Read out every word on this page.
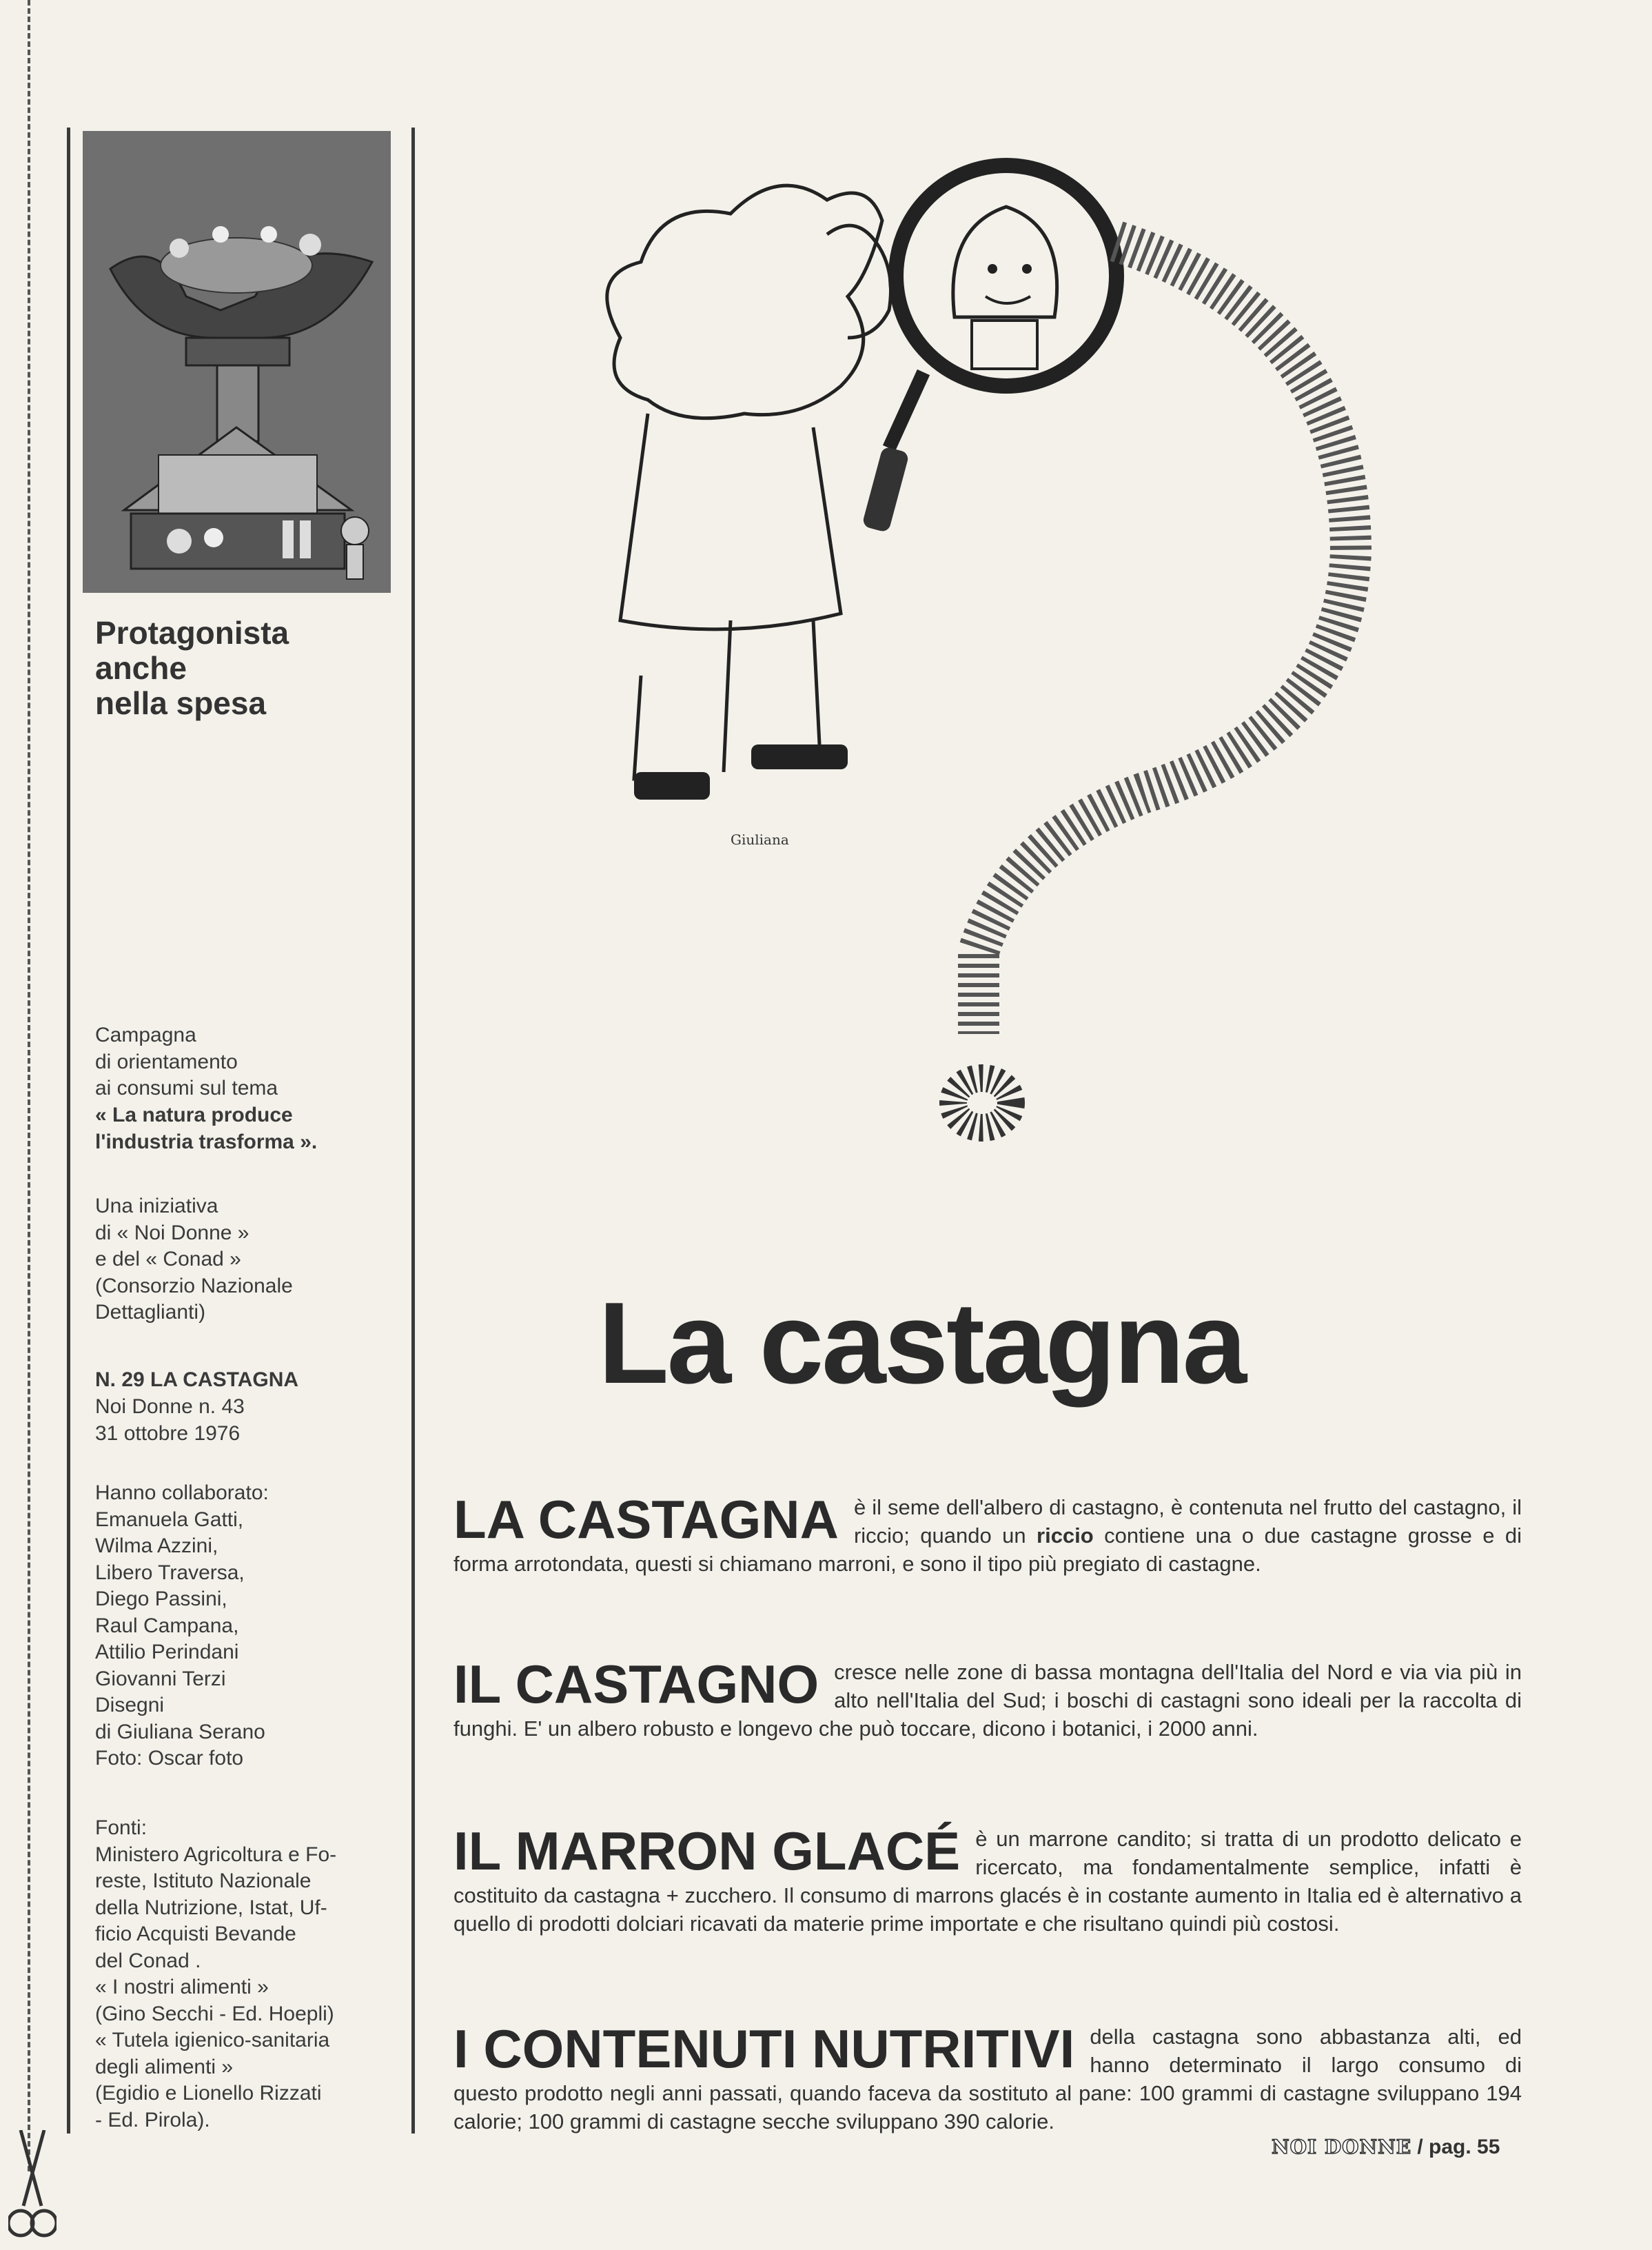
Protagonista
anche
nella spesa
Campagna
di orientamento
ai consumi sul tema
« La natura produce
l'industria trasforma ».
Una iniziativa
di « Noi Donne »
e del « Conad »
(Consorzio Nazionale
Dettaglianti)
N. 29 LA CASTAGNA
Noi Donne n. 43
31 ottobre 1976
Hanno collaborato:
Emanuela Gatti,
Wilma Azzini,
Libero Traversa,
Diego Passini,
Raul Campana,
Attilio Perindani
Giovanni Terzi
Disegni
di Giuliana Serano
Foto: Oscar foto
Fonti:
Ministero Agricoltura e Fo-
reste, Istituto Nazionale
della Nutrizione, Istat, Uf-
ficio Acquisti Bevande
del Conad .
« I nostri alimenti »
(Gino Secchi - Ed. Hoepli)
« Tutela igienico-sanitaria
degli alimenti »
(Egidio e Lionello Rizzati
- Ed. Pirola).
Giuliana
La castagna
LA CASTAGNA è il seme dell'albero di castagno, è contenuta nel frutto del castagno, il riccio; quando un riccio contiene una o due castagne grosse e di forma arrotondata, questi si chiamano marroni, e sono il tipo più pregiato di castagne.
IL CASTAGNO cresce nelle zone di bassa montagna dell'Italia del Nord e via via più in alto nell'Italia del Sud; i boschi di castagni sono ideali per la raccolta di funghi. E' un albero robusto e longevo che può toccare, dicono i botanici, i 2000 anni.
IL MARRON GLACÉ è un marrone candito; si tratta di un prodotto delicato e ricercato, ma fondamentalmente semplice, infatti è costituito da castagna + zucchero. Il consumo di marrons glacés è in costante aumento in Italia ed è alternativo a quello di prodotti dolciari ricavati da materie prime importate e che risultano quindi più costosi.
I CONTENUTI NUTRITIVI della castagna sono abbastanza alti, ed hanno determinato il largo consumo di questo prodotto negli anni passati, quando faceva da sostituto al pane: 100 grammi di castagne sviluppano 194 calorie; 100 grammi di castagne secche sviluppano 390 calorie.
NOI DONNE / pag. 55
